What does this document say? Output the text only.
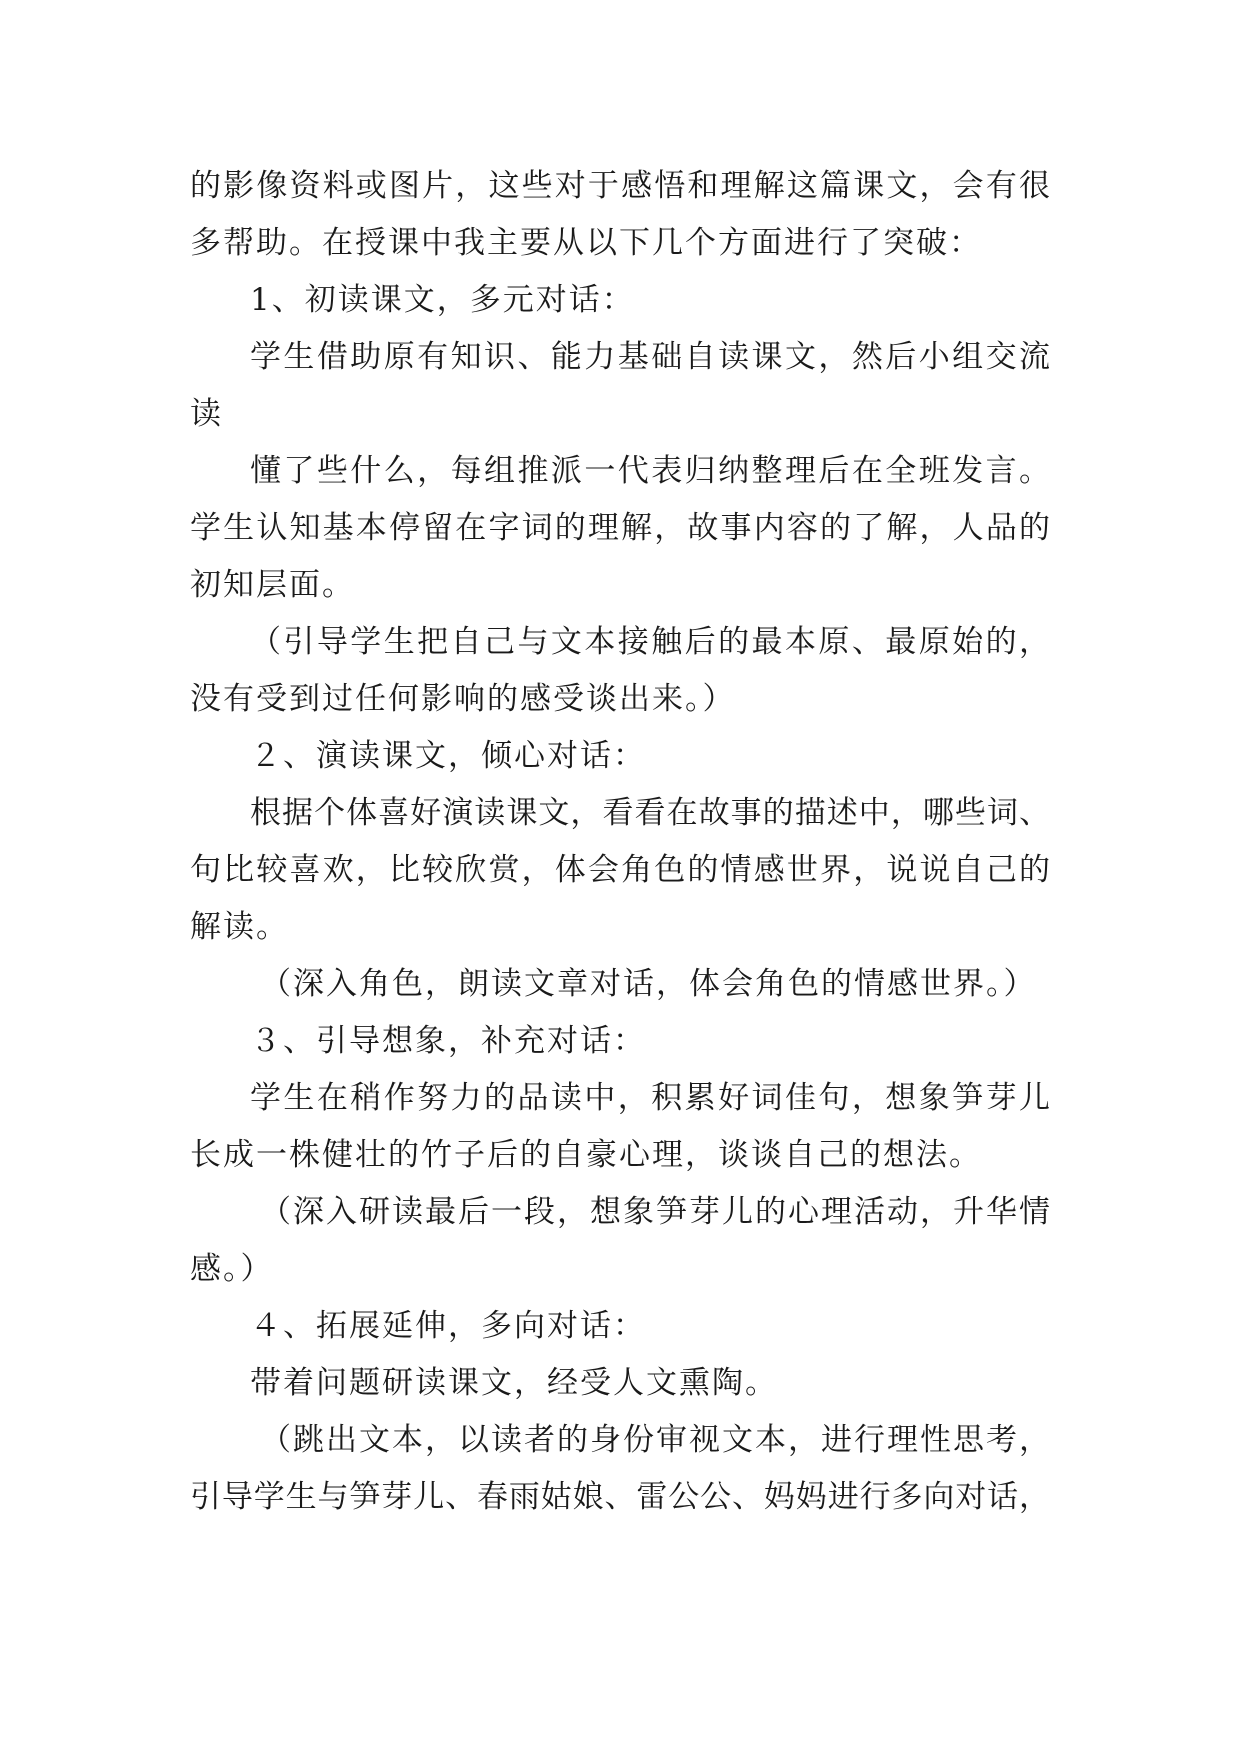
的影像资料或图片，这些对于感悟和理解这篇课文，会有很
多帮助。在授课中我主要从以下几个方面进行了突破：
1、初读课文，多元对话：
学生借助原有知识、能力基础自读课文，然后小组交流
读
懂了些什么，每组推派一代表归纳整理后在全班发言。
学生认知基本停留在字词的理解，故事内容的了解，人品的
初知层面。
（引导学生把自己与文本接触后的最本原、最原始的，
没有受到过任何影响的感受谈出来。）
２、演读课文，倾心对话：
根据个体喜好演读课文，看看在故事的描述中，哪些词、
句比较喜欢，比较欣赏，体会角色的情感世界，说说自己的
解读。
（深入角色，朗读文章对话，体会角色的情感世界。）
３、引导想象，补充对话：
学生在稍作努力的品读中，积累好词佳句，想象笋芽儿
长成一株健壮的竹子后的自豪心理，谈谈自己的想法。
（深入研读最后一段，想象笋芽儿的心理活动，升华情
感。）
４、拓展延伸，多向对话：
带着问题研读课文，经受人文熏陶。
（跳出文本，以读者的身份审视文本，进行理性思考，
引导学生与笋芽儿、春雨姑娘、雷公公、妈妈进行多向对话，
